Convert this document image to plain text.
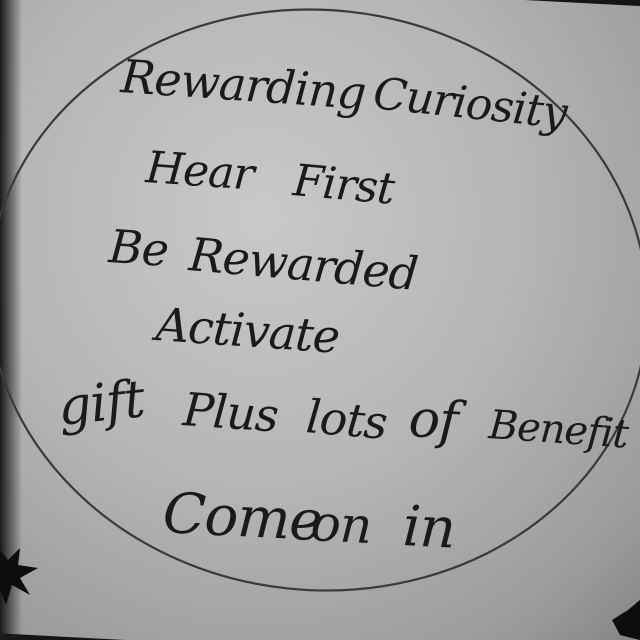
Rewarding Curiosity
Hear First
Be Rewarded
Activate
gift Plus lots of Benefit
Come
on in
